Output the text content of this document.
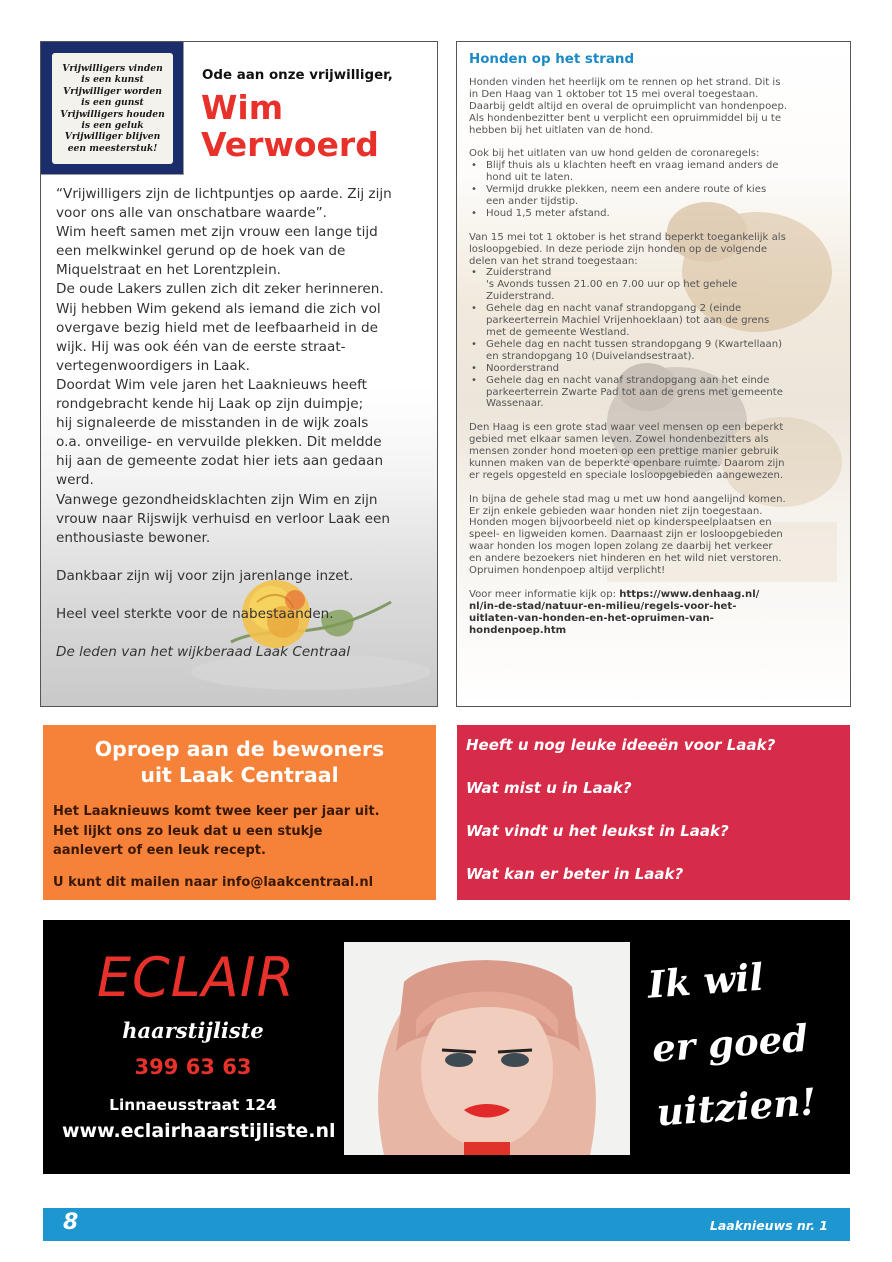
Vrijwilligers vinden
is een kunst
Vrijwilliger worden
is een gunst
Vrijwilligers houden
is een geluk
Vrijwilliger blijven
een meesterstuk!
Ode aan onze vrijwilliger,
Wim
Verwoerd

“Vrijwilligers zijn de lichtpuntjes op aarde. Zij zijn

voor ons alle van onschatbare waarde”.

Wim heeft samen met zijn vrouw een lange tijd

een melkwinkel gerund op de hoek van de

Miquelstraat en het Lorentzplein.

De oude Lakers zullen zich dit zeker herinneren.

Wij hebben Wim gekend als iemand die zich vol

overgave bezig hield met de leefbaarheid in de

wijk. Hij was ook één van de eerste straat-

vertegenwoordigers in Laak.

Doordat Wim vele jaren het Laaknieuws heeft

rondgebracht kende hij Laak op zijn duimpje;

hij signaleerde de misstanden in de wijk zoals

o.a. onveilige- en vervuilde plekken. Dit meldde

hij aan de gemeente zodat hier iets aan gedaan

werd.

Vanwege gezondheidsklachten zijn Wim en zijn

vrouw naar Rijswijk verhuisd en verloor Laak een

enthousiaste bewoner.

Dankbaar zijn wij voor zijn jarenlange inzet.

Heel veel sterkte voor de nabestaanden.

De leden van het wijkberaad Laak Centraal

Honden op het strand
Honden vinden het heerlijk om te rennen op het strand. Dit is
in Den Haag van 1 oktober tot 15 mei overal toegestaan.
Daarbij geldt altijd en overal de opruimplicht van hondenpoep.
Als hondenbezitter bent u verplicht een opruimmiddel bij u te
hebben bij het uitlaten van de hond.
Ook bij het uitlaten van uw hond gelden de coronaregels:
• Blijf thuis als u klachten heeft en vraag iemand anders de
hond uit te laten.
• Vermijd drukke plekken, neem een andere route of kies
een ander tijdstip.
• Houd 1,5 meter afstand.
Van 15 mei tot 1 oktober is het strand beperkt toegankelijk als
losloopgebied. In deze periode zijn honden op de volgende
delen van het strand toegestaan:
• Zuiderstrand
's Avonds tussen 21.00 en 7.00 uur op het gehele
Zuiderstrand.
• Gehele dag en nacht vanaf strandopgang 2 (einde
parkeerterrein Machiel Vrijenhoeklaan) tot aan de grens
met de gemeente Westland.
• Gehele dag en nacht tussen strandopgang 9 (Kwartellaan)
en strandopgang 10 (Duivelandsestraat).
• Noorderstrand
• Gehele dag en nacht vanaf strandopgang aan het einde
parkeerterrein Zwarte Pad tot aan de grens met gemeente
Wassenaar.
Den Haag is een grote stad waar veel mensen op een beperkt
gebied met elkaar samen leven. Zowel hondenbezitters als
mensen zonder hond moeten op een prettige manier gebruik
kunnen maken van de beperkte openbare ruimte. Daarom zijn
er regels opgesteld en speciale losloopgebieden aangewezen.
In bijna de gehele stad mag u met uw hond aangelijnd komen.
Er zijn enkele gebieden waar honden niet zijn toegestaan.
Honden mogen bijvoorbeeld niet op kinderspeelplaatsen en
speel- en ligweiden komen. Daarnaast zijn er losloopgebieden
waar honden los mogen lopen zolang ze daarbij het verkeer
en andere bezoekers niet hinderen en het wild niet verstoren.
Opruimen hondenpoep altijd verplicht!
Voor meer informatie kijk op: https://www.denhaag.nl/
nl/in-de-stad/natuur-en-milieu/regels-voor-het-
uitlaten-van-honden-en-het-opruimen-van-
hondenpoep.htm
Oproep aan de bewoners
uit Laak Centraal
Het Laaknieuws komt twee keer per jaar uit.
Het lijkt ons zo leuk dat u een stukje
aanlevert of een leuk recept.
U kunt dit mailen naar info@laakcentraal.nl
Heeft u nog leuke ideeën voor Laak?
Wat mist u in Laak?
Wat vindt u het leukst in Laak?
Wat kan er beter in Laak?
ECLAIR
haarstijliste
399 63 63
Linnaeusstraat 124
www.eclairhaarstijliste.nl
Ik wil
er goed
uitzien!
8	Laaknieuws nr. 1
